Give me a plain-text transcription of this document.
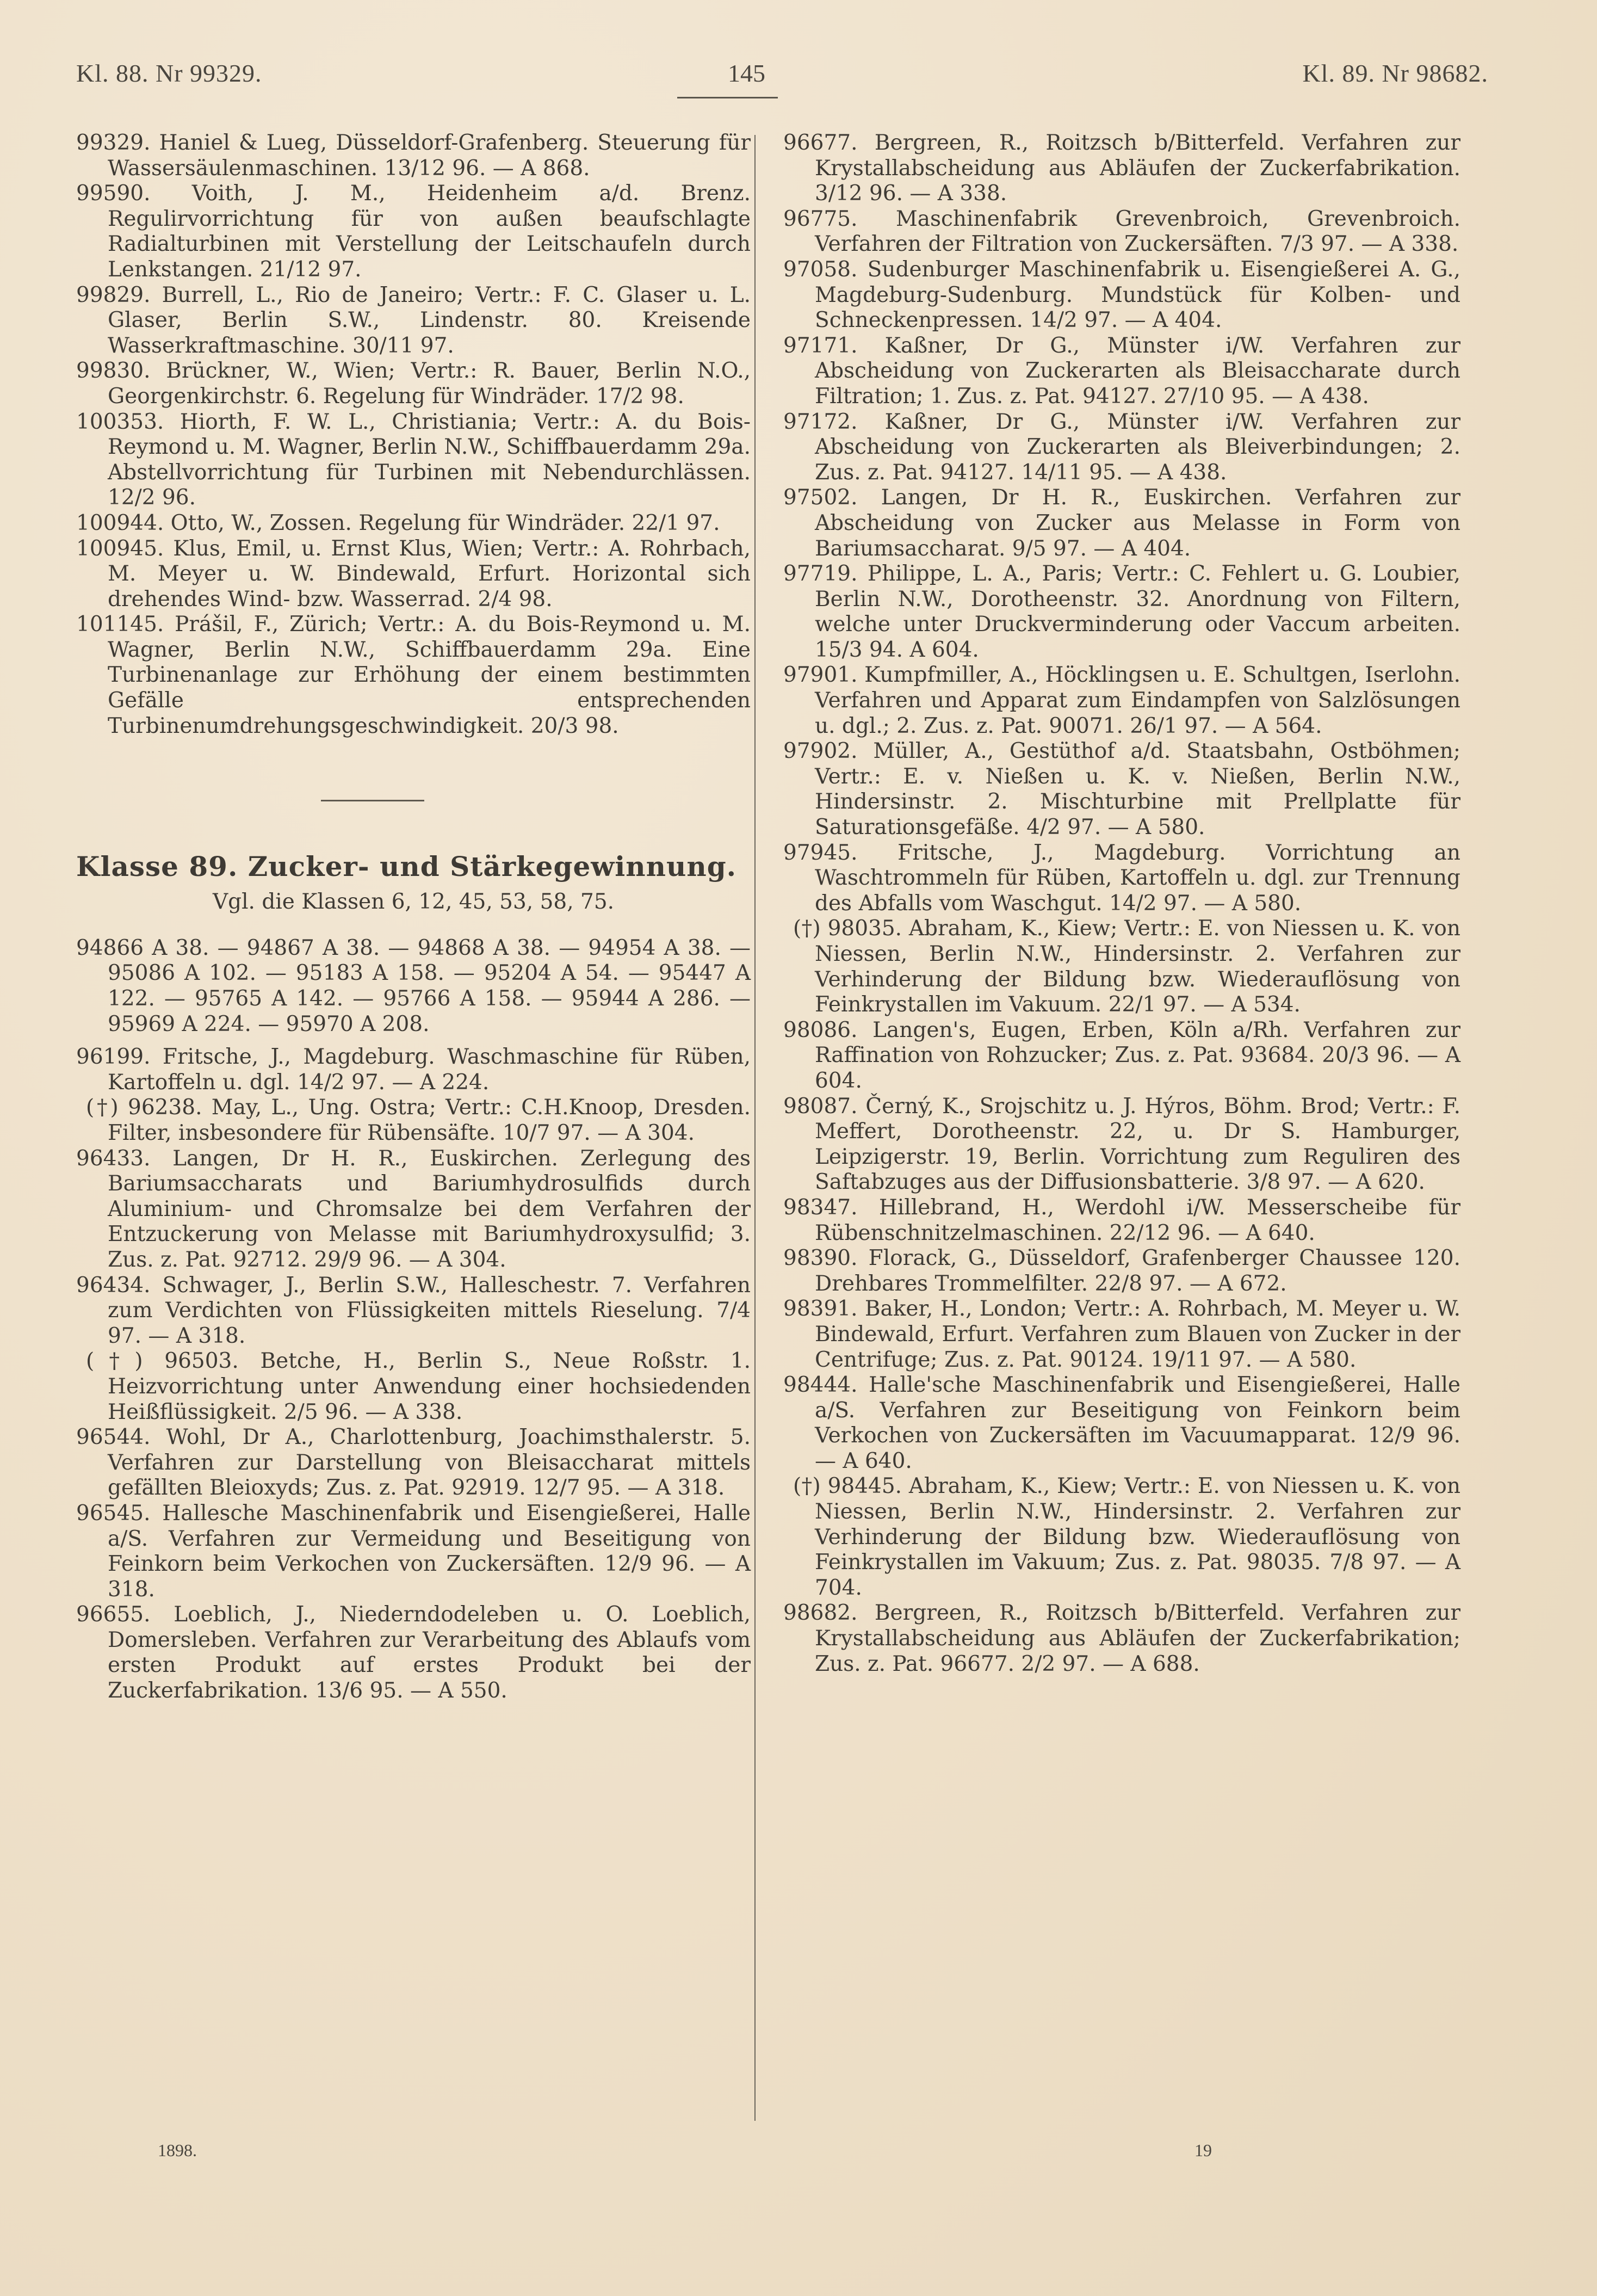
Kl. 88. Nr 99329.	145	Kl. 89. Nr 98682.

99329. Haniel & Lueg, Düsseldorf-Grafenberg. Steuerung für Wassersäulenmaschinen. 13/12 96. — A 868.

99590. Voith, J. M., Heidenheim a/d. Brenz. Regulirvorrichtung für von außen beaufschlagte Radialturbinen mit Verstellung der Leitschaufeln durch Lenkstangen. 21/12 97.

99829. Burrell, L., Rio de Janeiro; Vertr.: F. C. Glaser u. L. Glaser, Berlin S.W., Lindenstr. 80. Kreisende Wasserkraftmaschine. 30/11 97.

99830. Brückner, W., Wien; Vertr.: R. Bauer, Berlin N.O., Georgenkirchstr. 6. Regelung für Windräder. 17/2 98.

100353. Hiorth, F. W. L., Christiania; Vertr.: A. du Bois-Reymond u. M. Wagner, Berlin N.W., Schiffbauerdamm 29a. Abstellvorrichtung für Turbinen mit Nebendurchlässen. 12/2 96.

100944. Otto, W., Zossen. Regelung für Windräder. 22/1 97.

100945. Klus, Emil, u. Ernst Klus, Wien; Vertr.: A. Rohrbach, M. Meyer u. W. Bindewald, Erfurt. Horizontal sich drehendes Wind- bzw. Wasserrad. 2/4 98.

101145. Prášil, F., Zürich; Vertr.: A. du Bois-Reymond u. M. Wagner, Berlin N.W., Schiffbauerdamm 29a. Eine Turbinenanlage zur Erhöhung der einem bestimmten Gefälle entsprechenden Turbinenumdrehungsgeschwindigkeit. 20/3 98.

Klasse 89. Zucker- und Stärkegewinnung.

Vgl. die Klassen 6, 12, 45, 53, 58, 75.

94866 A 38. — 94867 A 38. — 94868 A 38. — 94954 A 38. — 95086 A 102. — 95183 A 158. — 95204 A 54. — 95447 A 122. — 95765 A 142. — 95766 A 158. — 95944 A 286. — 95969 A 224. — 95970 A 208.

96199. Fritsche, J., Magdeburg. Waschmaschine für Rüben, Kartoffeln u. dgl. 14/2 97. — A 224.

(†) 96238. May, L., Ung. Ostra; Vertr.: C.H.Knoop, Dresden. Filter, insbesondere für Rübensäfte. 10/7 97. — A 304.

96433. Langen, Dr H. R., Euskirchen. Zerlegung des Bariumsaccharats und Bariumhydrosulfids durch Aluminium- und Chromsalze bei dem Verfahren der Entzuckerung von Melasse mit Bariumhydroxysulfid; 3. Zus. z. Pat. 92712. 29/9 96. — A 304.

96434. Schwager, J., Berlin S.W., Halleschestr. 7. Verfahren zum Verdichten von Flüssigkeiten mittels Rieselung. 7/4 97. — A 318.

(†) 96503. Betche, H., Berlin S., Neue Roßstr. 1. Heizvorrichtung unter Anwendung einer hochsiedenden Heißflüssigkeit. 2/5 96. — A 338.

96544. Wohl, Dr A., Charlottenburg, Joachimsthalerstr. 5. Verfahren zur Darstellung von Bleisaccharat mittels gefällten Bleioxyds; Zus. z. Pat. 92919. 12/7 95. — A 318.

96545. Hallesche Maschinenfabrik und Eisengießerei, Halle a/S. Verfahren zur Vermeidung und Beseitigung von Feinkorn beim Verkochen von Zuckersäften. 12/9 96. — A 318.

96655. Loeblich, J., Niederndodeleben u. O. Loeblich, Domersleben. Verfahren zur Verarbeitung des Ablaufs vom ersten Produkt auf erstes Produkt bei der Zuckerfabrikation. 13/6 95. — A 550.

96677. Bergreen, R., Roitzsch b/Bitterfeld. Verfahren zur Krystallabscheidung aus Abläufen der Zuckerfabrikation. 3/12 96. — A 338.

96775. Maschinenfabrik Grevenbroich, Grevenbroich. Verfahren der Filtration von Zuckersäften. 7/3 97. — A 338.

97058. Sudenburger Maschinenfabrik u. Eisengießerei A. G., Magdeburg-Sudenburg. Mundstück für Kolben- und Schneckenpressen. 14/2 97. — A 404.

97171. Kaßner, Dr G., Münster i/W. Verfahren zur Abscheidung von Zuckerarten als Bleisaccharate durch Filtration; 1. Zus. z. Pat. 94127. 27/10 95. — A 438.

97172. Kaßner, Dr G., Münster i/W. Verfahren zur Abscheidung von Zuckerarten als Bleiverbindungen; 2. Zus. z. Pat. 94127. 14/11 95. — A 438.

97502. Langen, Dr H. R., Euskirchen. Verfahren zur Abscheidung von Zucker aus Melasse in Form von Bariumsaccharat. 9/5 97. — A 404.

97719. Philippe, L. A., Paris; Vertr.: C. Fehlert u. G. Loubier, Berlin N.W., Dorotheenstr. 32. Anordnung von Filtern, welche unter Druckverminderung oder Vaccum arbeiten. 15/3 94. A 604.

97901. Kumpfmiller, A., Höcklingsen u. E. Schultgen, Iserlohn. Verfahren und Apparat zum Eindampfen von Salzlösungen u. dgl.; 2. Zus. z. Pat. 90071. 26/1 97. — A 564.

97902. Müller, A., Gestüthof a/d. Staatsbahn, Ostböhmen; Vertr.: E. v. Nießen u. K. v. Nießen, Berlin N.W., Hindersinstr. 2. Mischturbine mit Prellplatte für Saturationsgefäße. 4/2 97. — A 580.

97945. Fritsche, J., Magdeburg. Vorrichtung an Waschtrommeln für Rüben, Kartoffeln u. dgl. zur Trennung des Abfalls vom Waschgut. 14/2 97. — A 580.

(†) 98035. Abraham, K., Kiew; Vertr.: E. von Niessen u. K. von Niessen, Berlin N.W., Hindersinstr. 2. Verfahren zur Verhinderung der Bildung bzw. Wiederauflösung von Feinkrystallen im Vakuum. 22/1 97. — A 534.

98086. Langen's, Eugen, Erben, Köln a/Rh. Verfahren zur Raffination von Rohzucker; Zus. z. Pat. 93684. 20/3 96. — A 604.

98087. Černý, K., Srojschitz u. J. Hýros, Böhm. Brod; Vertr.: F. Meffert, Dorotheenstr. 22, u. Dr S. Hamburger, Leipzigerstr. 19, Berlin. Vorrichtung zum Reguliren des Saftabzuges aus der Diffusionsbatterie. 3/8 97. — A 620.

98347. Hillebrand, H., Werdohl i/W. Messerscheibe für Rübenschnitzelmaschinen. 22/12 96. — A 640.

98390. Florack, G., Düsseldorf, Grafenberger Chaussee 120. Drehbares Trommelfilter. 22/8 97. — A 672.

98391. Baker, H., London; Vertr.: A. Rohrbach, M. Meyer u. W. Bindewald, Erfurt. Verfahren zum Blauen von Zucker in der Centrifuge; Zus. z. Pat. 90124. 19/11 97. — A 580.

98444. Halle'sche Maschinenfabrik und Eisengießerei, Halle a/S. Verfahren zur Beseitigung von Feinkorn beim Verkochen von Zuckersäften im Vacuumapparat. 12/9 96. — A 640.

(†) 98445. Abraham, K., Kiew; Vertr.: E. von Niessen u. K. von Niessen, Berlin N.W., Hindersinstr. 2. Verfahren zur Verhinderung der Bildung bzw. Wiederauflösung von Feinkrystallen im Vakuum; Zus. z. Pat. 98035. 7/8 97. — A 704.

98682. Bergreen, R., Roitzsch b/Bitterfeld. Verfahren zur Krystallabscheidung aus Abläufen der Zuckerfabrikation; Zus. z. Pat. 96677. 2/2 97. — A 688.

1898.	19
